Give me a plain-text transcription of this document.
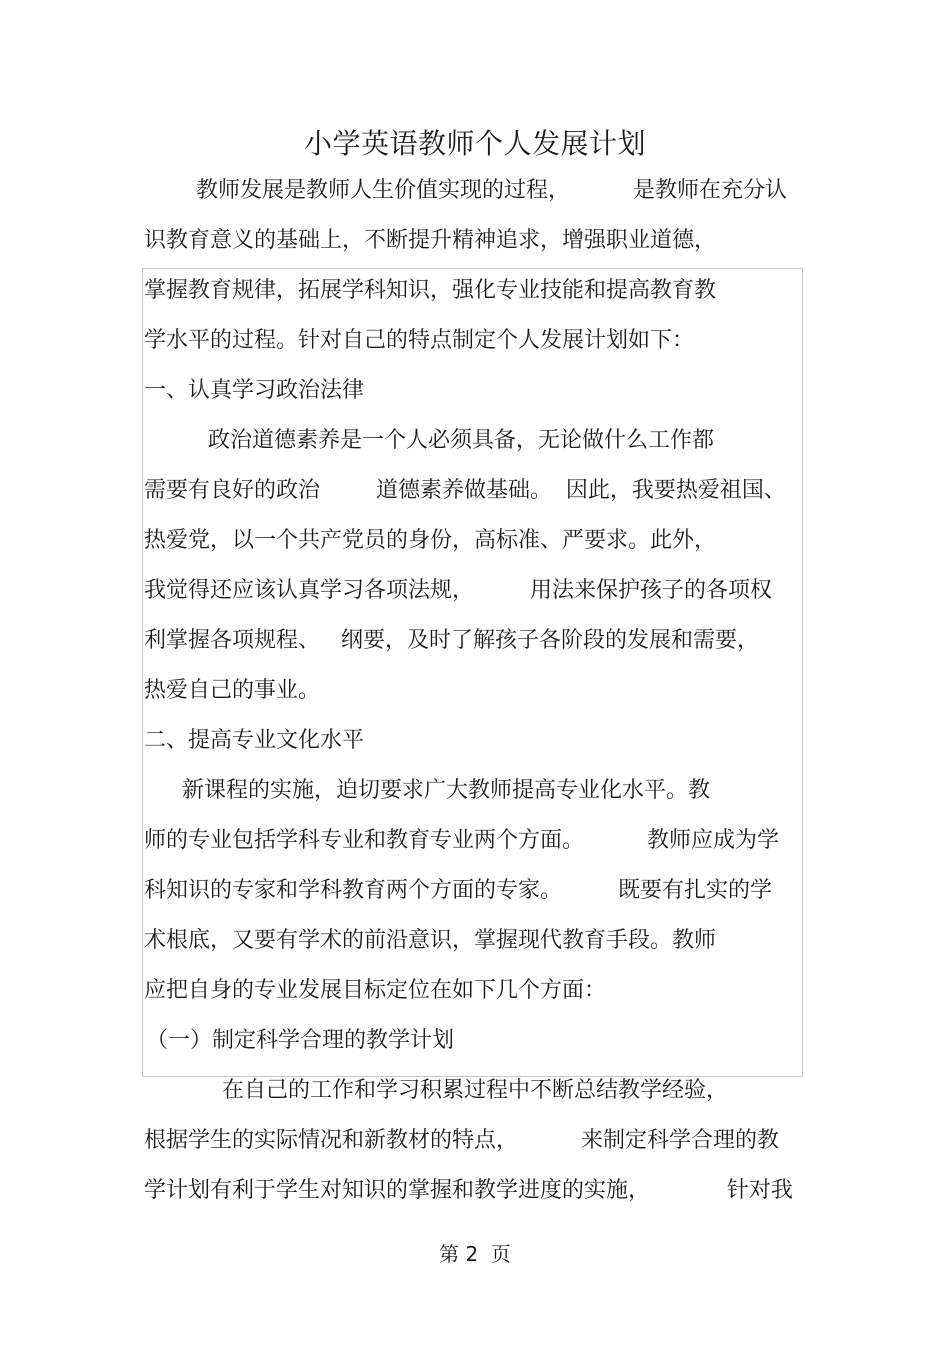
小学英语教师个人发展计划
教师发展是教师人生价值实现的过程，         是教师在充分认
识教育意义的基础上，不断提升精神追求，增强职业道德，
掌握教育规律，拓展学科知识，强化专业技能和提高教育教
学水平的过程。针对自己的特点制定个人发展计划如下：
一、认真学习政治法律
政治道德素养是一个人必须具备，无论做什么工作都
需要有良好的政治        道德素养做基础。  因此，我要热爱祖国、
热爱党，以一个共产党员的身份，高标准、严要求。此外，
我觉得还应该认真学习各项法规，        用法来保护孩子的各项权
利掌握各项规程、   纲要，及时了解孩子各阶段的发展和需要，
热爱自己的事业。
二、提高专业文化水平
新课程的实施，迫切要求广大教师提高专业化水平。教
师的专业包括学科专业和教育专业两个方面。         教师应成为学
科知识的专家和学科教育两个方面的专家。        既要有扎实的学
术根底，又要有学术的前沿意识，掌握现代教育手段。教师
应把自身的专业发展目标定位在如下几个方面：
（一）制定科学合理的教学计划
在自己的工作和学习积累过程中不断总结教学经验，
根据学生的实际情况和新教材的特点，         来制定科学合理的教
学计划有利于学生对知识的掌握和教学进度的实施，           针对我
第 2  页
